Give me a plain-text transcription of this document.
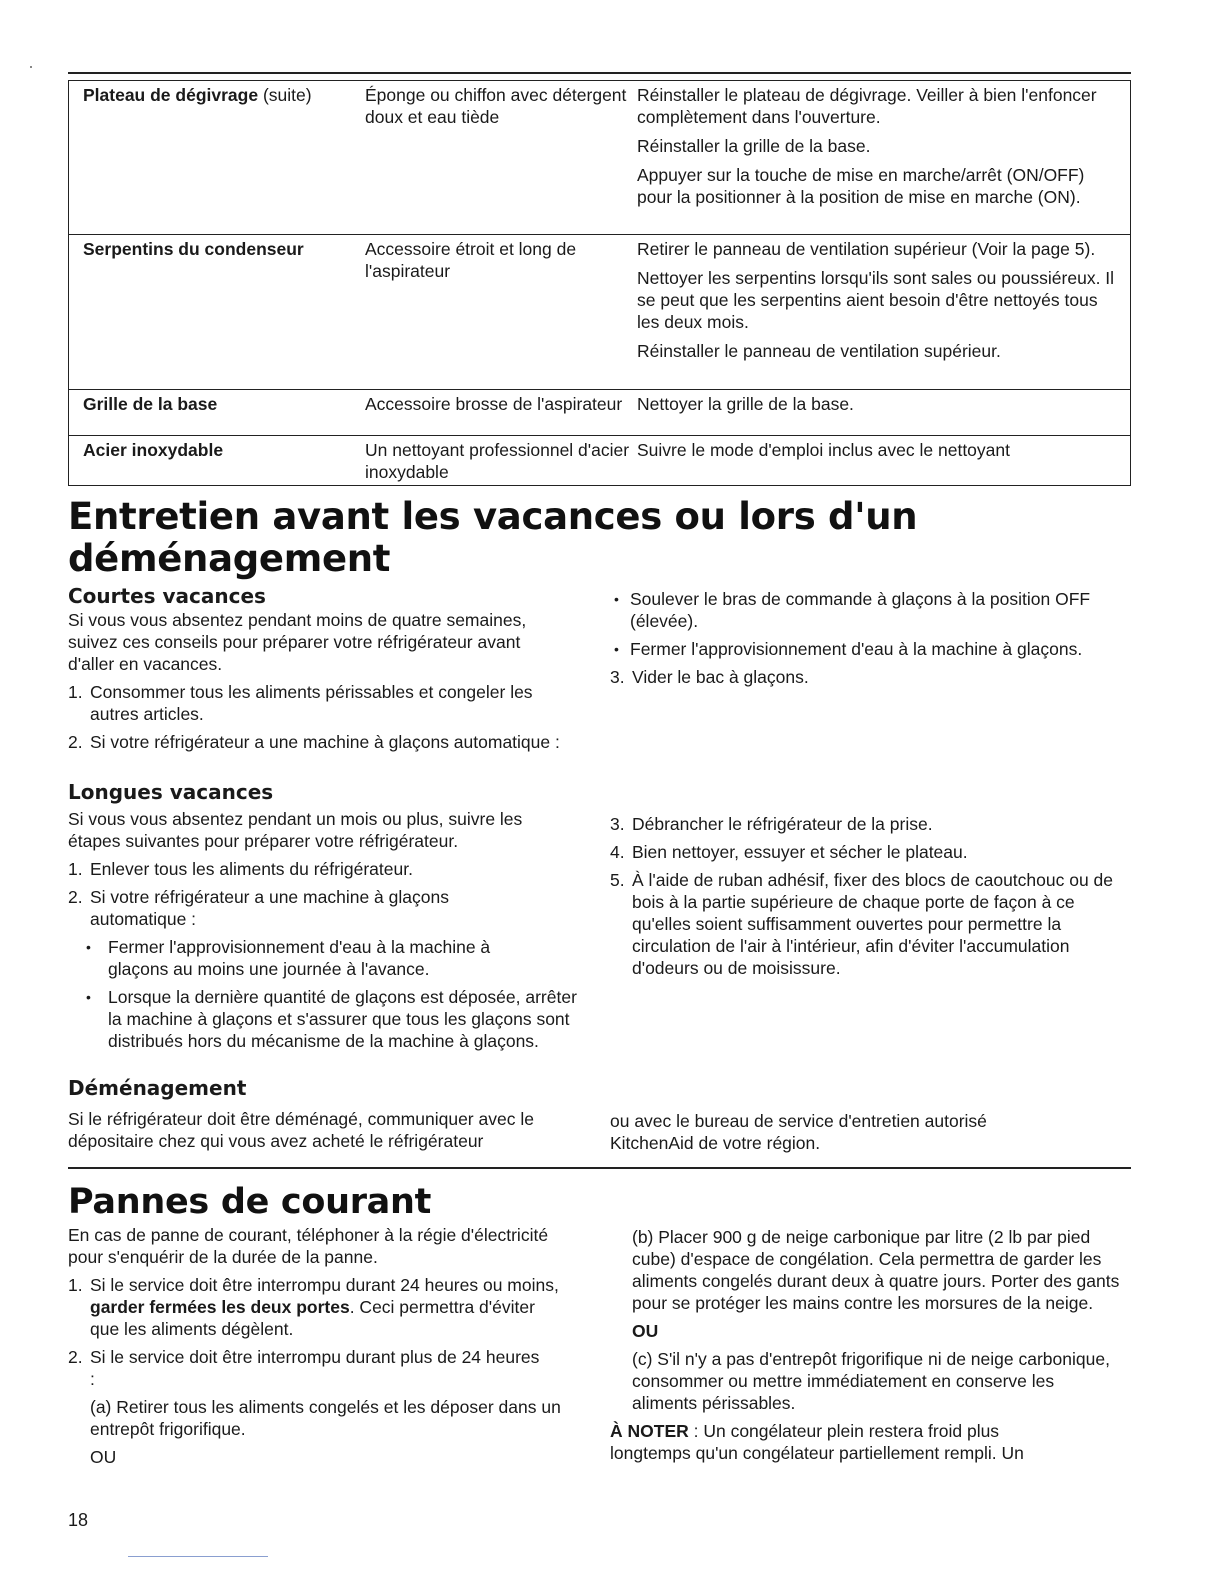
Plateau de dégivrage (suite)	Éponge ou chiffon avec détergent doux et eau tiède	Réinstaller le plateau de dégivrage. Veiller à bien l'enfoncer complètement dans l'ouverture.

Réinstaller la grille de la base.

Appuyer sur la touche de mise en marche/arrêt (ON/OFF) pour la positionner à la position de mise en marche (ON).

Serpentins du condenseur	Accessoire étroit et long de l'aspirateur	Retirer le panneau de ventilation supérieur (Voir la page 5).

Nettoyer les serpentins lorsqu'ils sont sales ou poussiéreux. Il se peut que les serpentins aient besoin d'être nettoyés tous les deux mois.

Réinstaller le panneau de ventilation supérieur.

Grille de la base	Accessoire brosse de l'aspirateur	Nettoyer la grille de la base.

Acier inoxydable	Un nettoyant professionnel d'acier inoxydable	Suivre le mode d'emploi inclus avec le nettoyant

Entretien avant les vacances ou lors d'un déménagement
Courtes vacances

Si vous vous absentez pendant moins de quatre semaines, suivez ces conseils pour préparer votre réfrigérateur avant d'aller en vacances.

1. Consommer tous les aliments périssables et congeler les autres articles.
2. Si votre réfrigérateur a une machine à glaçons automatique :
• Soulever le bras de commande à glaçons à la position OFF (élevée).
• Fermer l'approvisionnement d'eau à la machine à glaçons.
3. Vider le bac à glaçons.
Longues vacances

Si vous vous absentez pendant un mois ou plus, suivre les étapes suivantes pour préparer votre réfrigérateur.

1. Enlever tous les aliments du réfrigérateur.
2. Si votre réfrigérateur a une machine à glaçons automatique :
• Fermer l'approvisionnement d'eau à la machine à glaçons au moins une journée à l'avance.
• Lorsque la dernière quantité de glaçons est déposée, arrêter la machine à glaçons et s'assurer que tous les glaçons sont distribués hors du mécanisme de la machine à glaçons.
3. Débrancher le réfrigérateur de la prise.
4. Bien nettoyer, essuyer et sécher le plateau.
5. À l'aide de ruban adhésif, fixer des blocs de caoutchouc ou de bois à la partie supérieure de chaque porte de façon à ce qu'elles soient suffisamment ouvertes pour permettre la circulation de l'air à l'intérieur, afin d'éviter l'accumulation d'odeurs ou de moisissure.
Déménagement

Si le réfrigérateur doit être déménagé, communiquer avec le dépositaire chez qui vous avez acheté le réfrigérateur

ou avec le bureau de service d'entretien autorisé KitchenAid de votre région.

Pannes de courant

En cas de panne de courant, téléphoner à la régie d'électricité pour s'enquérir de la durée de la panne.

1. Si le service doit être interrompu durant 24 heures ou moins, garder fermées les deux portes. Ceci permettra d'éviter que les aliments dégèlent.
2. Si le service doit être interrompu durant plus de 24 heures :

(a) Retirer tous les aliments congelés et les déposer dans un entrepôt frigorifique.

OU

(b) Placer 900 g de neige carbonique par litre (2 lb par pied cube) d'espace de congélation. Cela permettra de garder les aliments congelés durant deux à quatre jours. Porter des gants pour se protéger les mains contre les morsures de la neige.

OU

(c) S'il n'y a pas d'entrepôt frigorifique ni de neige carbonique, consommer ou mettre immédiatement en conserve les aliments périssables.

À NOTER : Un congélateur plein restera froid plus longtemps qu'un congélateur partiellement rempli. Un

18
